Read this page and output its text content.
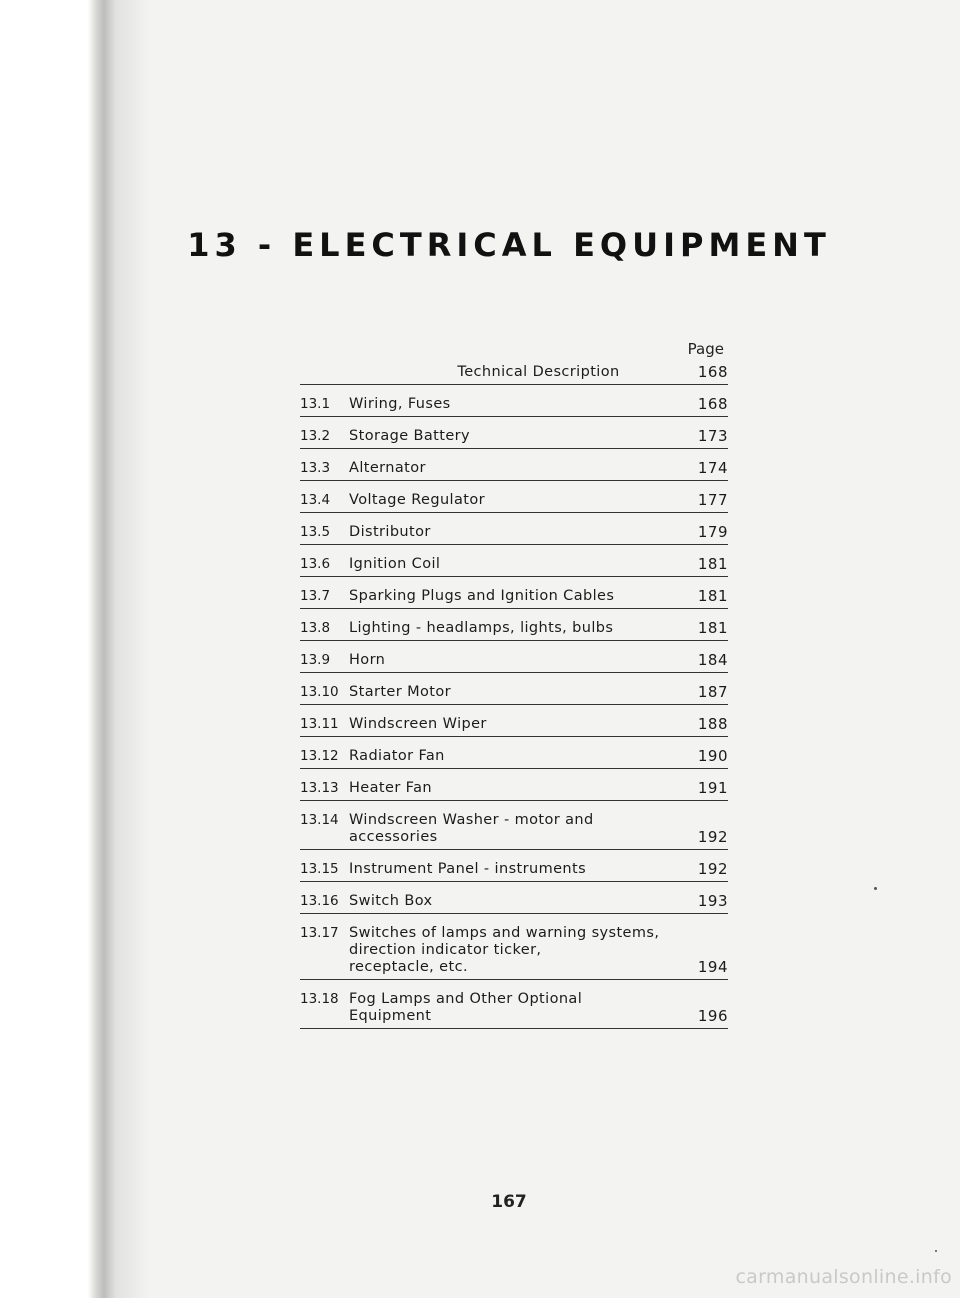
13 - ELECTRICAL EQUIPMENT
Page
Technical Description	168
13.1	Wiring, Fuses	168
13.2	Storage Battery	173
13.3	Alternator	174
13.4	Voltage Regulator	177
13.5	Distributor	179
13.6	Ignition Coil	181
13.7	Sparking Plugs and Ignition Cables	181
13.8	Lighting - headlamps, lights, bulbs	181
13.9	Horn	184
13.10 Starter Motor	187
13.11 Windscreen Wiper	188
13.12 Radiator Fan	190
13.13 Heater Fan	191
13.14 Windscreen Washer - motor and
accessories	192
13.15 Instrument Panel - instruments	192
13.16 Switch Box	193
13.17 Switches of lamps and warning systems,
direction indicator ticker,
receptacle, etc.	194
13.18 Fog Lamps and Other Optional
Equipment	196
167
carmanualsonline.info
